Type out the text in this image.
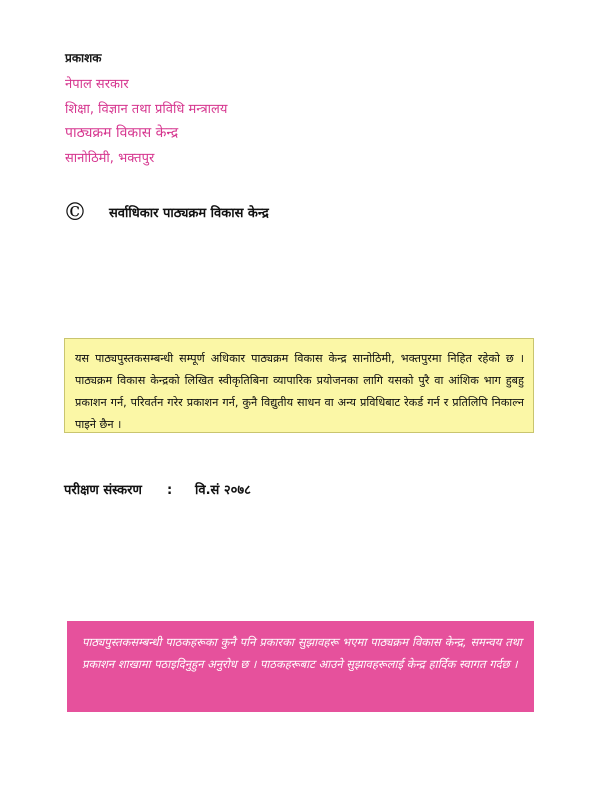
प्रकाशक
नेपाल सरकार
शिक्षा, विज्ञान तथा प्रविधि मन्त्रालय
पाठ्यक्रम विकास केन्द्र
सानोठिमी, भक्तपुर
© सर्वाधिकार पाठ्यक्रम विकास केन्द्र
यस पाठ्यपुस्तकसम्बन्धी सम्पूर्ण अधिकार पाठ्यक्रम विकास केन्द्र सानोठिमी, भक्तपुरमा निहित रहेको छ । पाठ्यक्रम विकास केन्द्रको लिखित स्वीकृतिबिना व्यापारिक प्रयोजनका लागि यसको पुरै वा आंशिक भाग हुबहु प्रकाशन गर्न, परिवर्तन गरेर प्रकाशन गर्न, कुनै विद्युतीय साधन वा अन्य प्रविधिबाट रेकर्ड गर्न र प्रतिलिपि निकाल्न पाइने छैन ।
परीक्षण संस्करण	:	वि.सं २०७८
पाठ्यपुस्तकसम्बन्धी पाठकहरूका कुनै पनि प्रकारका सुझावहरू भएमा पाठ्यक्रम विकास केन्द्र, समन्वय तथा प्रकाशन शाखामा पठाइदिनुहुन अनुरोध छ । पाठकहरूबाट आउने सुझावहरूलाई केन्द्र हार्दिक स्वागत गर्दछ ।
